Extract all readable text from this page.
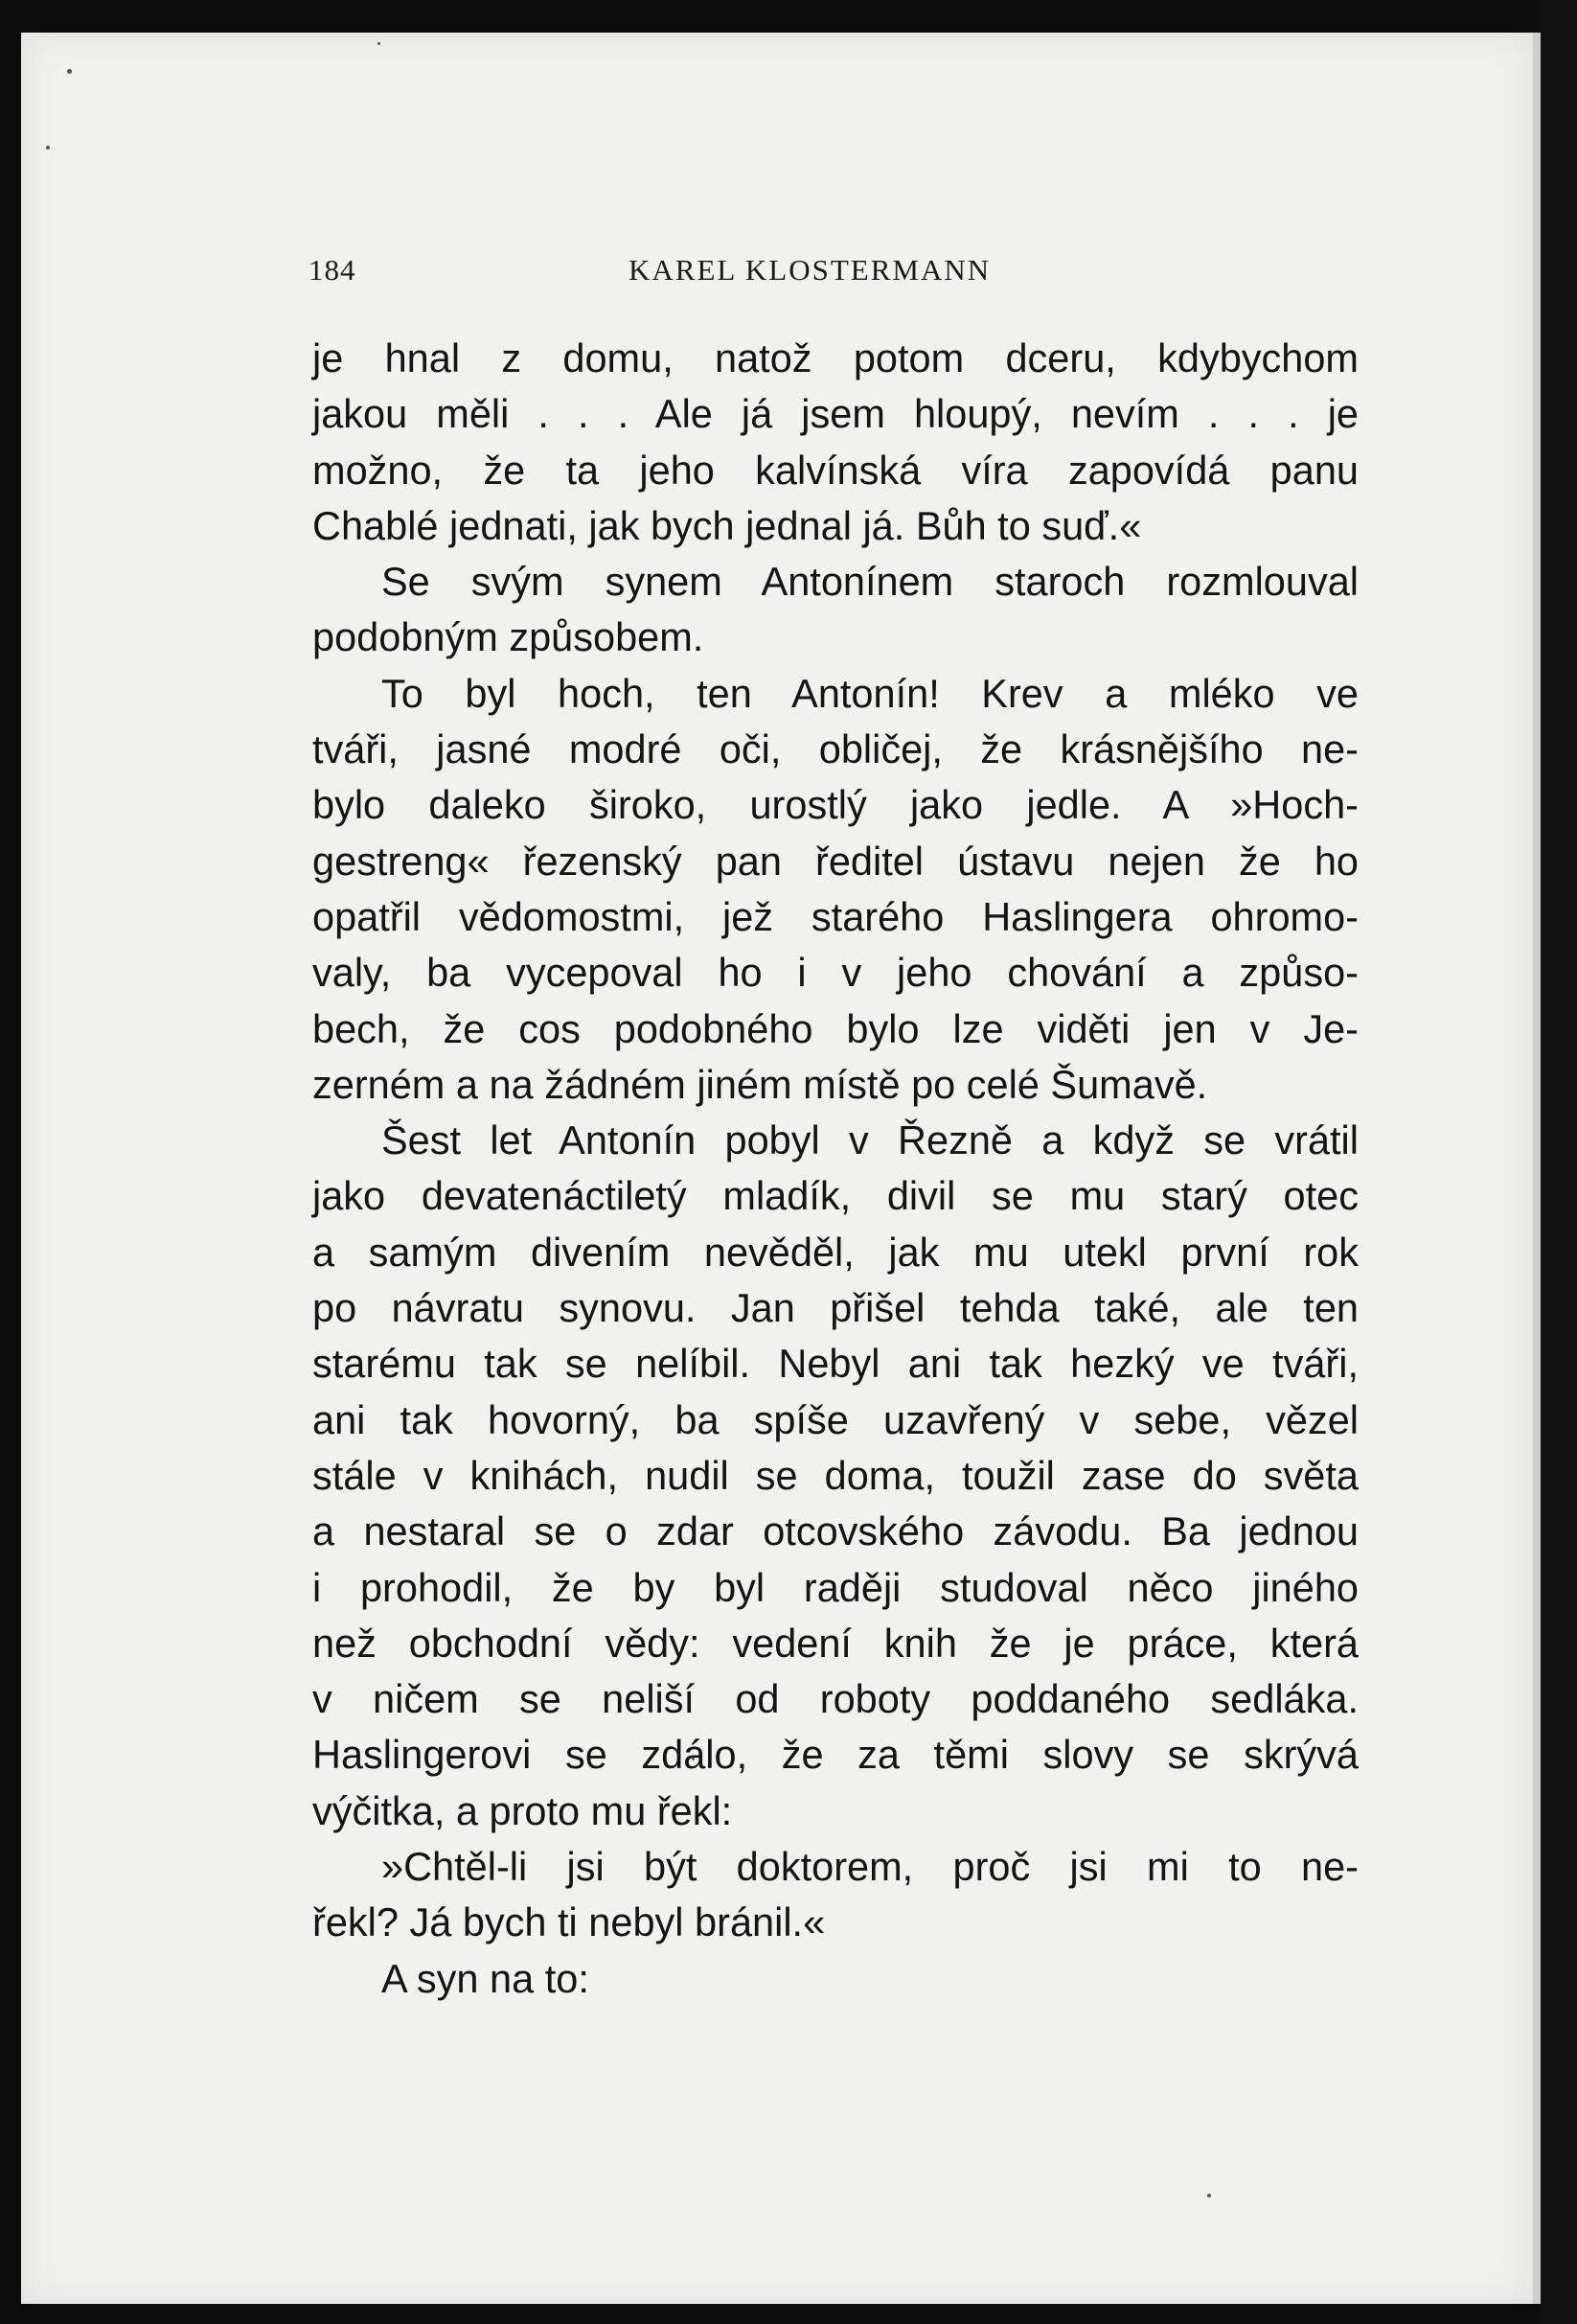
184	KAREL KLOSTERMANN
je hnal z domu, natož potom dceru, kdybychom
jakou měli . . . Ale já jsem hloupý, nevím . . . je
možno, že ta jeho kalvínská víra zapovídá panu
Chablé jednati, jak bych jednal já. Bůh to suď.«
Se svým synem Antonínem staroch rozmlouval
podobným způsobem.
To byl hoch, ten Antonín! Krev a mléko ve
tváři, jasné modré oči, obličej, že krásnějšího ne-
bylo daleko široko, urostlý jako jedle. A »Hoch-
gestreng« řezenský pan ředitel ústavu nejen že ho
opatřil vědomostmi, jež starého Haslingera ohromo-
valy, ba vycepoval ho i v jeho chování a způso-
bech, že cos podobného bylo lze viděti jen v Je-
zerném a na žádném jiném místě po celé Šumavě.
Šest let Antonín pobyl v Řezně a když se vrátil
jako devatenáctiletý mladík, divil se mu starý otec
a samým divením nevěděl, jak mu utekl první rok
po návratu synovu. Jan přišel tehda také, ale ten
starému tak se nelíbil. Nebyl ani tak hezký ve tváři,
ani tak hovorný, ba spíše uzavřený v sebe, vězel
stále v knihách, nudil se doma, toužil zase do světa
a nestaral se o zdar otcovského závodu. Ba jednou
i prohodil, že by byl raději studoval něco jiného
než obchodní vědy: vedení knih že je práce, která
v ničem se neliší od roboty poddaného sedláka.
Haslingerovi se zdálo, že za těmi slovy se skrývá
výčitka, a proto mu řekl:
»Chtěl-li jsi být doktorem, proč jsi mi to ne-
řekl? Já bych ti nebyl bránil.«
A syn na to:
